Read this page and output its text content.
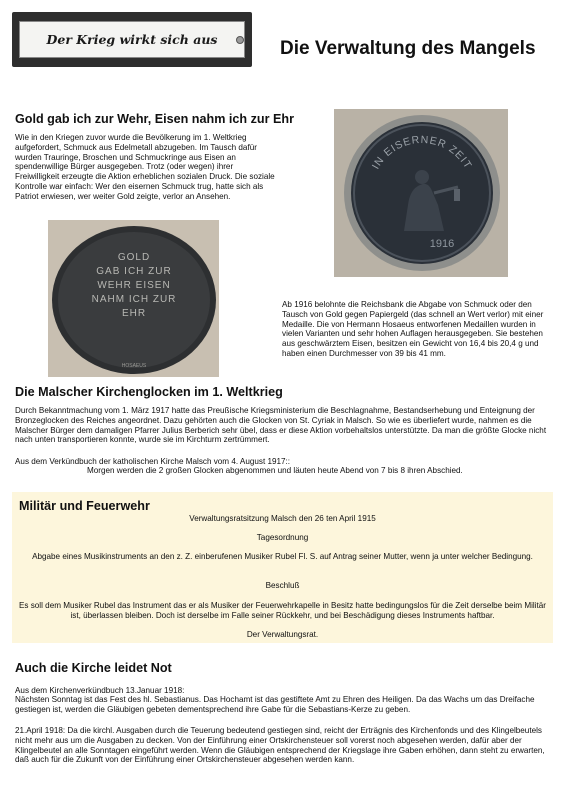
Der Krieg wirkt sich aus	Die Verwaltung des Mangels
Gold gab ich zur Wehr, Eisen nahm ich zur Ehr
Wie in den Kriegen zuvor wurde die Bevölkerung im 1. Weltkrieg aufgefordert, Schmuck aus Edelmetall abzugeben. Im Tausch dafür wurden Trauringe, Broschen und Schmuckringe aus Eisen an spendenwillige Bürger ausgegeben. Trotz (oder wegen) ihrer Freiwilligkeit erzeugte die Aktion erheblichen sozialen Druck. Die soziale Kontrolle war einfach: Wer den eisernen Schmuck trug, hatte sich als Patriot erwiesen, wer weiter Gold zeigte, verlor an Ansehen.
IN EISERNER ZEIT
1916
GOLD
GAB ICH ZUR
WEHR EISEN
NAHM ICH ZUR
EHR
HOSAEUS
Ab 1916 belohnte die Reichsbank die Abgabe von Schmuck oder den Tausch von Gold gegen Papiergeld (das schnell an Wert verlor) mit einer Medaille. Die von Hermann Hosaeus entworfenen Medaillen wurden in vielen Varianten und sehr hohen Auflagen herausgegeben. Sie bestehen aus geschwärztem Eisen, besitzen ein Gewicht von 16,4 bis 20,4 g und haben einen Durchmesser von 39 bis 41 mm.
Die Malscher Kirchenglocken im 1. Weltkrieg
Durch Bekanntmachung vom 1. März 1917 hatte das Preußische Kriegsministerium die Beschlagnahme, Bestandserhebung und Enteignung der Bronzeglocken des Reiches angeordnet. Dazu gehörten auch die Glocken von St. Cyriak in Malsch. So wie es überliefert wurde, nahmen es die Malscher Bürger dem damaligen Pfarrer Julius Berberich sehr übel, dass er diese Aktion vorbehaltslos unterstützte. Da man die größte Glocke nicht nach unten transportieren konnte, wurde sie im Kirchturm zertrümmert.
Aus dem Verkündbuch der katholischen Kirche Malsch vom 4. August 1917::
Morgen werden die 2 großen Glocken abgenommen und läuten heute Abend von 7 bis 8 ihren Abschied.
Militär und Feuerwehr
Verwaltungsratsitzung Malsch den 26 ten April 1915
Tagesordnung
Abgabe eines Musikinstruments an den z. Z. einberufenen Musiker Rubel Fl. S. auf Antrag seiner Mutter, wenn ja unter welcher Bedingung.
Beschluß
Es soll dem Musiker Rubel das Instrument das er als Musiker der Feuerwehrkapelle in Besitz hatte bedingungslos für die Zeit derselbe beim Militär ist, überlassen bleiben. Doch ist derselbe im Falle seiner Rückkehr, und bei Beschädigung dieses Instruments haftbar.
Der Verwaltungsrat.
Auch die Kirche leidet Not
Aus dem Kirchenverkündbuch 13.Januar 1918:
Nächsten Sonntag ist das Fest des hl. Sebastianus. Das Hochamt ist das gestiftete Amt zu Ehren des Heiligen. Da das Wachs um das Dreifache gestiegen ist, werden die Gläubigen gebeten dementsprechend ihre Gabe für die Sebastians-Kerze zu geben.
21.April 1918: Da die kirchl. Ausgaben durch die Teuerung bedeutend gestiegen sind, reicht der Erträgnis des Kirchenfonds und des Klingelbeutels nicht mehr aus um die Ausgaben zu decken. Von der Einführung einer Ortskirchensteuer soll vorerst noch abgesehen werden, dafür aber der Klingelbeutel an alle Sonntagen eingeführt werden. Wenn die Gläubigen entsprechend der Kriegslage ihre Gaben erhöhen, dann steht zu erwarten, daß auch für die Zukunft von der Einführung einer Ortskirchensteuer abgesehen werden kann.
